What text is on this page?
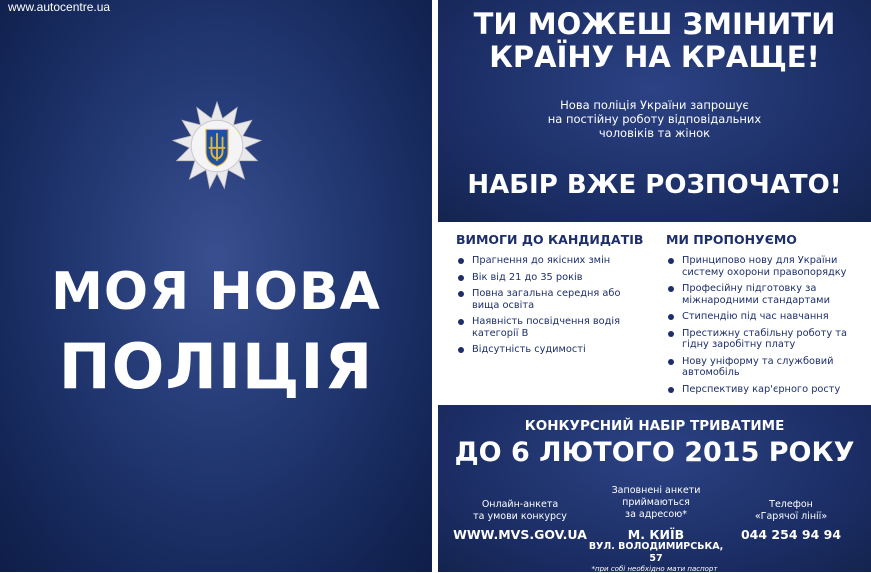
www.autocentre.ua
МОЯ НОВА
ПОЛІЦІЯ
ТИ МОЖЕШ ЗМІНИТИ
КРАЇНУ НА КРАЩЕ!
Нова поліція України запрошує
на постійну роботу відповідальних
чоловіків та жінок
НАБІР ВЖЕ РОЗПОЧАТО!
ВИМОГИ ДО КАНДИДАТІВ
Прагнення до якісних змін
Вік від 21 до 35 років
Повна загальна середня або вища освіта
Наявність посвідчення водія категорії В
Відсутність судимості
МИ ПРОПОНУЄМО
Принципово нову для України систему охорони правопорядку
Професійну підготовку за міжнародними стандартами
Стипендію під час навчання
Престижну стабільну роботу та гідну заробітну плату
Нову уніформу та службовий автомобіль
Перспективу кар'єрного росту
КОНКУРСНИЙ НАБІР ТРИВАТИМЕ
ДО 6 ЛЮТОГО 2015 РОКУ
Онлайн-анкета
та умови конкурсу
WWW.MVS.GOV.UA
Заповнені анкети
приймаються
за адресою*
М. КИЇВ
ВУЛ. ВОЛОДИМИРСЬКА, 57
Телефон
«Гарячої лінії»
044 254 94 94
*при собі необхідно мати паспорт
